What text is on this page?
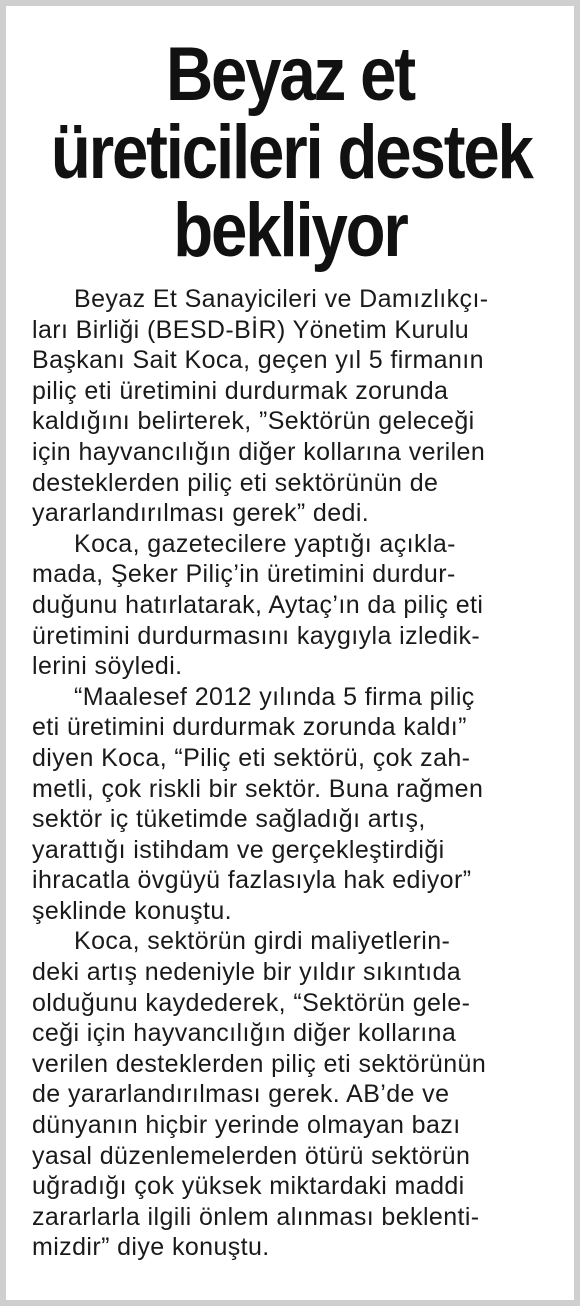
Beyaz et
üreticileri destek
bekliyor

Beyaz Et Sanayicileri ve Damızlıkçı-
ları Birliği (BESD-BİR) Yönetim Kurulu
Başkanı Sait Koca, geçen yıl 5 firmanın
piliç eti üretimini durdurmak zorunda
kaldığını belirterek, ”Sektörün geleceği
için hayvancılığın diğer kollarına verilen
desteklerden piliç eti sektörünün de
yararlandırılması gerek” dedi.

Koca, gazetecilere yaptığı açıkla-
mada, Şeker Piliç’in üretimini durdur-
duğunu hatırlatarak, Aytaç’ın da piliç eti
üretimini durdurmasını kaygıyla izledik-
lerini söyledi.

“Maalesef 2012 yılında 5 firma piliç
eti üretimini durdurmak zorunda kaldı”
diyen Koca, “Piliç eti sektörü, çok zah-
metli, çok riskli bir sektör. Buna rağmen
sektör iç tüketimde sağladığı artış,
yarattığı istihdam ve gerçekleştirdiği
ihracatla övgüyü fazlasıyla hak ediyor”
şeklinde konuştu.

Koca, sektörün girdi maliyetlerin-
deki artış nedeniyle bir yıldır sıkıntıda
olduğunu kaydederek, “Sektörün gele-
ceği için hayvancılığın diğer kollarına
verilen desteklerden piliç eti sektörünün
de yararlandırılması gerek. AB’de ve
dünyanın hiçbir yerinde olmayan bazı
yasal düzenlemelerden ötürü sektörün
uğradığı çok yüksek miktardaki maddi
zararlarla ilgili önlem alınması beklenti-
mizdir” diye konuştu.
